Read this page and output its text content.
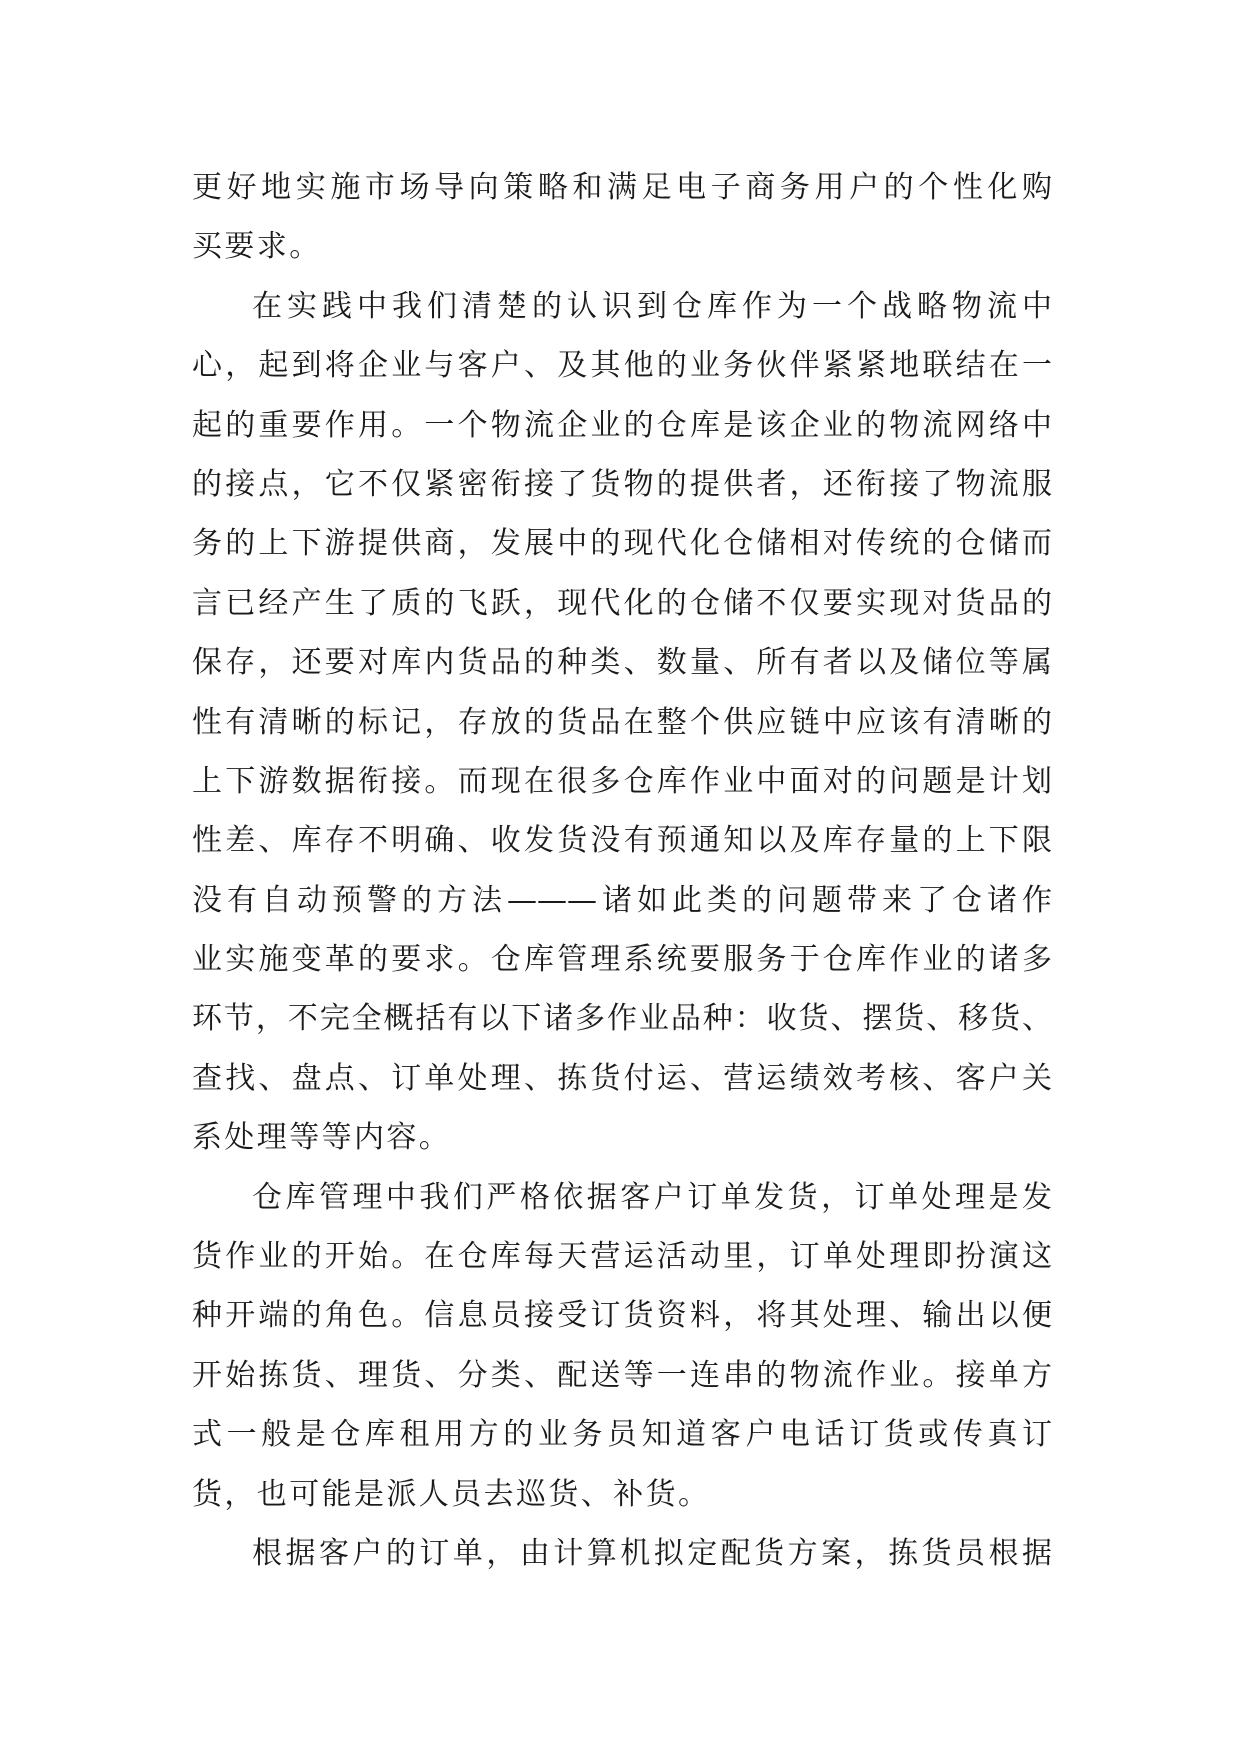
更好地实施市场导向策略和满足电子商务用户的个性化购
买要求。
在实践中我们清楚的认识到仓库作为一个战略物流中
心，起到将企业与客户、及其他的业务伙伴紧紧地联结在一
起的重要作用。一个物流企业的仓库是该企业的物流网络中
的接点，它不仅紧密衔接了货物的提供者，还衔接了物流服
务的上下游提供商，发展中的现代化仓储相对传统的仓储而
言已经产生了质的飞跃，现代化的仓储不仅要实现对货品的
保存，还要对库内货品的种类、数量、所有者以及储位等属
性有清晰的标记，存放的货品在整个供应链中应该有清晰的
上下游数据衔接。而现在很多仓库作业中面对的问题是计划
性差、库存不明确、收发货没有预通知以及库存量的上下限
没有自动预警的方法———诸如此类的问题带来了仓诸作
业实施变革的要求。仓库管理系统要服务于仓库作业的诸多
环节，不完全概括有以下诸多作业品种：收货、摆货、移货、
查找、盘点、订单处理、拣货付运、营运绩效考核、客户关
系处理等等内容。
仓库管理中我们严格依据客户订单发货，订单处理是发
货作业的开始。在仓库每天营运活动里，订单处理即扮演这
种开端的角色。信息员接受订货资料，将其处理、输出以便
开始拣货、理货、分类、配送等一连串的物流作业。接单方
式一般是仓库租用方的业务员知道客户电话订货或传真订
货，也可能是派人员去巡货、补货。
根据客户的订单，由计算机拟定配货方案，拣货员根据
